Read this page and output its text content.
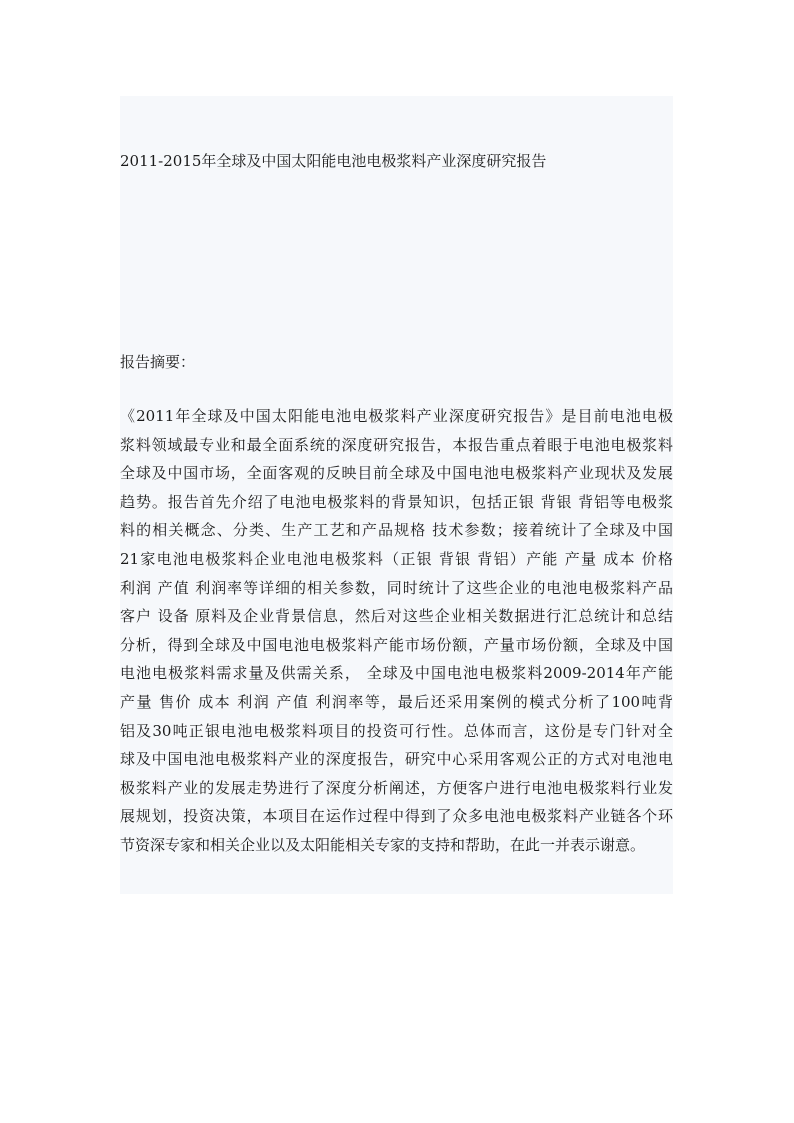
2011-2015年全球及中国太阳能电池电极浆料产业深度研究报告

报告摘要：

《2011年全球及中国太阳能电池电极浆料产业深度研究报告》是目前电池电极
浆料领域最专业和最全面系统的深度研究报告，本报告重点着眼于电池电极浆料
全球及中国市场，全面客观的反映目前全球及中国电池电极浆料产业现状及发展
趋势。报告首先介绍了电池电极浆料的背景知识，包括正银 背银 背铝等电极浆
料的相关概念、分类、生产工艺和产品规格 技术参数；接着统计了全球及中国
21家电池电极浆料企业电池电极浆料（正银 背银 背铝）产能 产量 成本 价格
利润 产值 利润率等详细的相关参数，同时统计了这些企业的电池电极浆料产品
客户 设备 原料及企业背景信息，然后对这些企业相关数据进行汇总统计和总结
分析，得到全球及中国电池电极浆料产能市场份额，产量市场份额，全球及中国
电池电极浆料需求量及供需关系， 全球及中国电池电极浆料2009-2014年产能
产量 售价 成本 利润 产值 利润率等，最后还采用案例的模式分析了100吨背
铝及30吨正银电池电极浆料项目的投资可行性。总体而言，这份是专门针对全
球及中国电池电极浆料产业的深度报告，研究中心采用客观公正的方式对电池电
极浆料产业的发展走势进行了深度分析阐述，方便客户进行电池电极浆料行业发
展规划，投资决策，本项目在运作过程中得到了众多电池电极浆料产业链各个环
节资深专家和相关企业以及太阳能相关专家的支持和帮助，在此一并表示谢意。
